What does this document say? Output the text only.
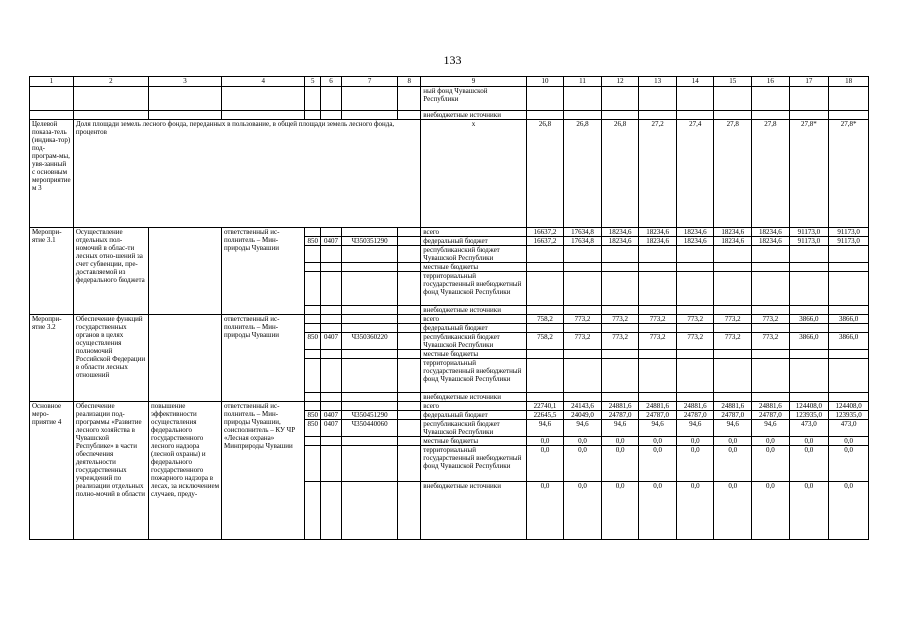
133
1	2	3	4	5	6	7	8	9	10	11	12	13	14	15	16	17	18
								ный фонд Чувашской Республики									
								внебюджетные источники									
Целевой показа-тель (индика-тор) под-програм-мы, увя-занный с основным мероприятием 3	Доля площади земель лесного фонда, переданных в пользование, в общей площади земель лесного фонда, процентов							х	26,8	26,8	26,8	27,2	27,4	27,8	27,8	27,8*	27,8*
Меропри-ятие 3.1	Осуществление отдельных пол-номочий в облас-ти лесных отно-шений за счет субвенции, пре-доставляемой из федерального бюджета		ответственный ис-полнитель – Мин-природы Чувашии					всего	16637,2	17634,8	18234,6	18234,6	18234,6	18234,6	18234,6	91173,0	91173,0
				850	0407	Ч350351290		федеральный бюджет	16637,2	17634,8	18234,6	18234,6	18234,6	18234,6	18234,6	91173,0	91173,0
								республиканский бюджет Чувашской Республики									
								местные бюджеты									
								территориальный государственный внебюджетный фонд Чувашской Республики									
								внебюджетные источники									
Меропри-ятие 3.2	Обеспечение функций государственных органов в целях осуществления полномочий Российской Федерации в области лесных отношений		ответственный ис-полнитель – Мин-природы Чувашии					всего	758,2	773,2	773,2	773,2	773,2	773,2	773,2	3866,0	3866,0
								федеральный бюджет									
				850	0407	Ч350360220		республиканский бюджет Чувашской Республики	758,2	773,2	773,2	773,2	773,2	773,2	773,2	3866,0	3866,0
								местные бюджеты									
								территориальный государственный внебюджетный фонд Чувашской Республики									
								внебюджетные источники									
Основное меро-приятие 4	Обеспечение реализации под-программы «Развитие лесного хозяйства в Чувашской Республике» в части обеспечения деятельности государственных учреждений по реализации отдельных полно-мочий в области	повышение эффективности осуществления федерального государственного лесного надзора (лесной охраны) и федерального государственного пожарного надзора в лесах, за исключением случаев, преду-	ответственный ис-полнитель – Мин-природы Чувашии, соисполнитель – КУ ЧР «Лесная охрана» Минприроды Чувашии					всего	22740,1	24143,6	24881,6	24881,6	24881,6	24881,6	24881,6	124408,0	124408,0
				850	0407	Ч350451290		федеральный бюджет	22645,5	24049,0	24787,0	24787,0	24787,0	24787,0	24787,0	123935,0	123935,0
				850	0407	Ч350440060		республиканский бюджет Чувашской Республики	94,6	94,6	94,6	94,6	94,6	94,6	94,6	473,0	473,0
								местные бюджеты	0,0	0,0	0,0	0,0	0,0	0,0	0,0	0,0	0,0
								территориальный государственный внебюджетный фонд Чувашской Республики	0,0	0,0	0,0	0,0	0,0	0,0	0,0	0,0	0,0
								внебюджетные источники	0,0	0,0	0,0	0,0	0,0	0,0	0,0	0,0	0,0
